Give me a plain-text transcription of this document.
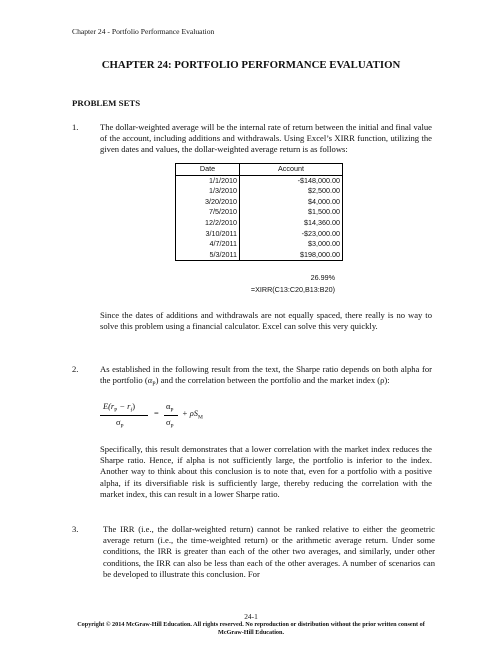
Chapter 24 - Portfolio Performance Evaluation
CHAPTER 24: PORTFOLIO PERFORMANCE EVALUATION
PROBLEM SETS
1.	The dollar-weighted average will be the internal rate of return between the initial and final value of the account, including additions and withdrawals. Using Excel’s XIRR function, utilizing the given dates and values, the dollar-weighted average return is as follows:

Date	Account
1/1/2010	-$148,000.00
1/3/2010	$2,500.00
3/20/2010	$4,000.00
7/5/2010	$1,500.00
12/2/2010	$14,360.00
3/10/2011	-$23,000.00
4/7/2011	$3,000.00
5/3/2011	$198,000.00
26.99%
=XIRR(C13:C20,B13:B20)

Since the dates of additions and withdrawals are not equally spaced, there really is no way to solve this problem using a financial calculator. Excel can solve this very quickly.

2.	As established in the following result from the text, the Sharpe ratio depends on both alpha for the portfolio $(\alpha_P)$ and the correlation between the portfolio and the market index (ρ):

$E(r_P - r_f)$
$\sigma_P$
=
$\alpha_P$
$\sigma_P$
+ $\rho S_M$

Specifically, this result demonstrates that a lower correlation with the market index reduces the Sharpe ratio. Hence, if alpha is not sufficiently large, the portfolio is inferior to the index. Another way to think about this conclusion is to note that, even for a portfolio with a positive alpha, if its diversifiable risk is sufficiently large, thereby reducing the correlation with the market index, this can result in a lower Sharpe ratio.

3.	The IRR (i.e., the dollar-weighted return) cannot be ranked relative to either the geometric average return (i.e., the time-weighted return) or the arithmetic average return. Under some conditions, the IRR is greater than each of the other two averages, and similarly, under other conditions, the IRR can also be less than each of the other averages. A number of scenarios can be developed to illustrate this conclusion. For

24-1
Copyright © 2014 McGraw-Hill Education. All rights reserved. No reproduction or distribution without the prior written consent of
McGraw-Hill Education.
